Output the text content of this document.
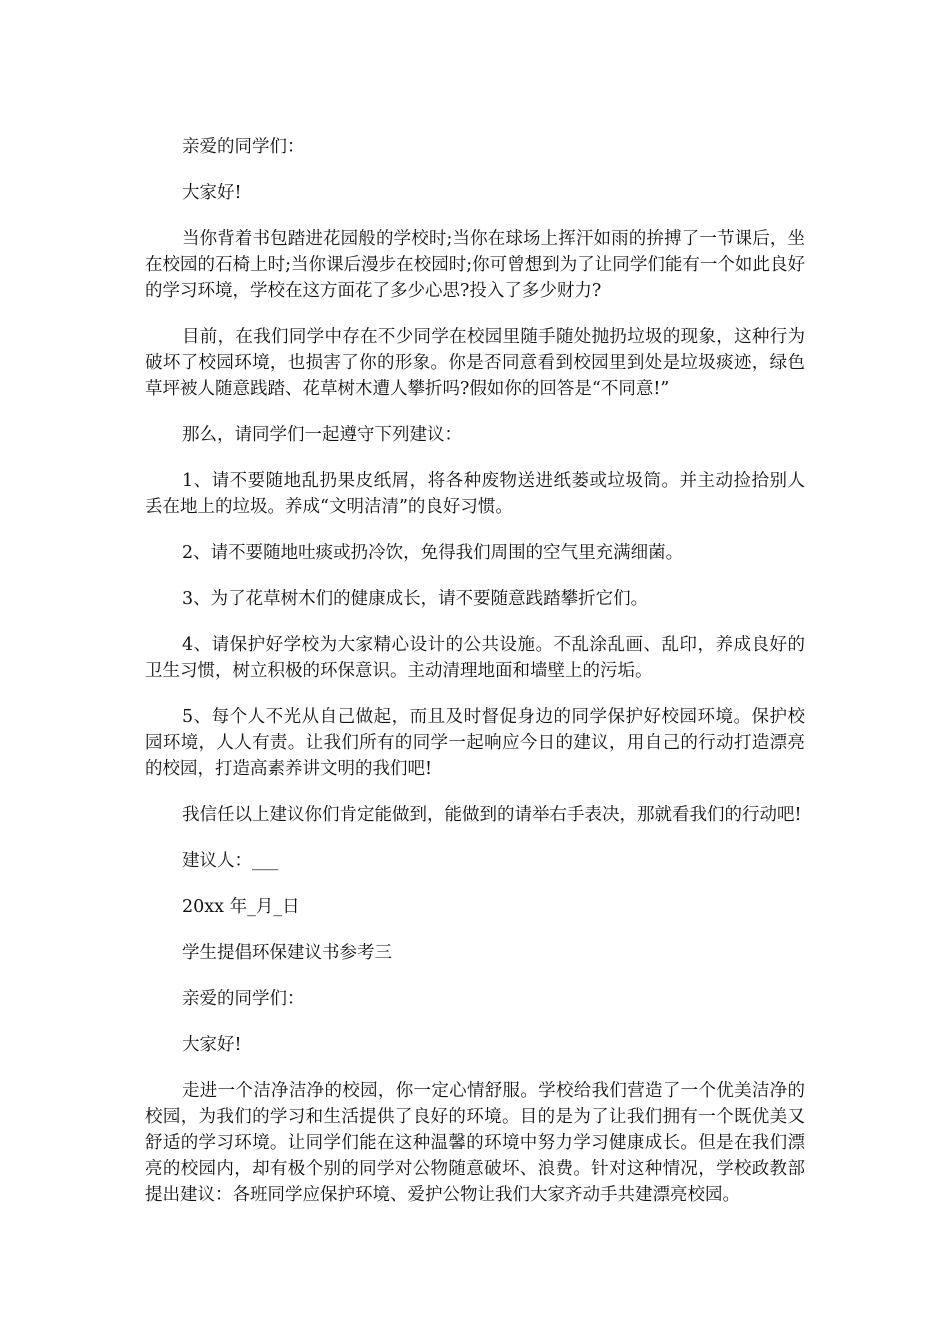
亲爱的同学们：

大家好!

当你背着书包踏进花园般的学校时;当你在球场上挥汗如雨的拚搏了一节课后，坐在校园的石椅上时;当你课后漫步在校园时;你可曾想到为了让同学们能有一个如此良好的学习环境，学校在这方面花了多少心思?投入了多少财力?

目前，在我们同学中存在不少同学在校园里随手随处抛扔垃圾的现象，这种行为破坏了校园环境，也损害了你的形象。你是否同意看到校园里到处是垃圾痰迹，绿色草坪被人随意践踏、花草树木遭人攀折吗?假如你的回答是“不同意!”

那么，请同学们一起遵守下列建议：

1、请不要随地乱扔果皮纸屑，将各种废物送进纸蒌或垃圾筒。并主动捡拾别人丢在地上的垃圾。养成“文明洁清”的良好习惯。

2、请不要随地吐痰或扔冷饮，免得我们周围的空气里充满细菌。

3、为了花草树木们的健康成长，请不要随意践踏攀折它们。

4、请保护好学校为大家精心设计的公共设施。不乱涂乱画、乱印，养成良好的卫生习惯，树立积极的环保意识。主动清理地面和墙壁上的污垢。

5、每个人不光从自己做起，而且及时督促身边的同学保护好校园环境。保护校园环境，人人有责。让我们所有的同学一起响应今日的建议，用自己的行动打造漂亮的校园，打造高素养讲文明的我们吧!

我信任以上建议你们肯定能做到，能做到的请举右手表决，那就看我们的行动吧!

建议人：___

20xx 年_月_日

学生提倡环保建议书参考三

亲爱的同学们：

大家好!

走进一个洁净洁净的校园，你一定心情舒服。学校给我们营造了一个优美洁净的校园，为我们的学习和生活提供了良好的环境。目的是为了让我们拥有一个既优美又舒适的学习环境。让同学们能在这种温馨的环境中努力学习健康成长。但是在我们漂亮的校园内，却有极个别的同学对公物随意破坏、浪费。针对这种情况，学校政教部提出建议：各班同学应保护环境、爱护公物让我们大家齐动手共建漂亮校园。
